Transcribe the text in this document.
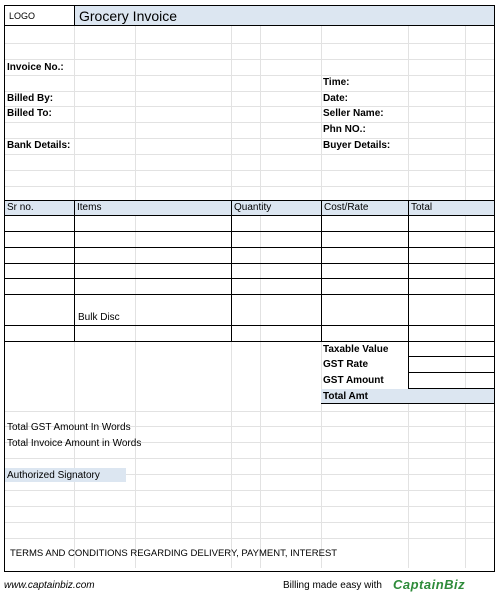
LOGO	Grocery Invoice
Invoice No.:
Time:
Billed By:	Date:
Billed To:	Seller Name:
Phn NO.:
Bank Details:	Buyer Details:
Sr no.	Items	Quantity	Cost/Rate	Total
Bulk Disc
Taxable Value
GST Rate
GST Amount
Total Amt
Total GST Amount In Words
Total Invoice Amount in Words
Authorized Signatory
TERMS AND CONDITIONS REGARDING DELIVERY, PAYMENT, INTEREST
www.captainbiz.com	Billing made easy with CaptainBiz
